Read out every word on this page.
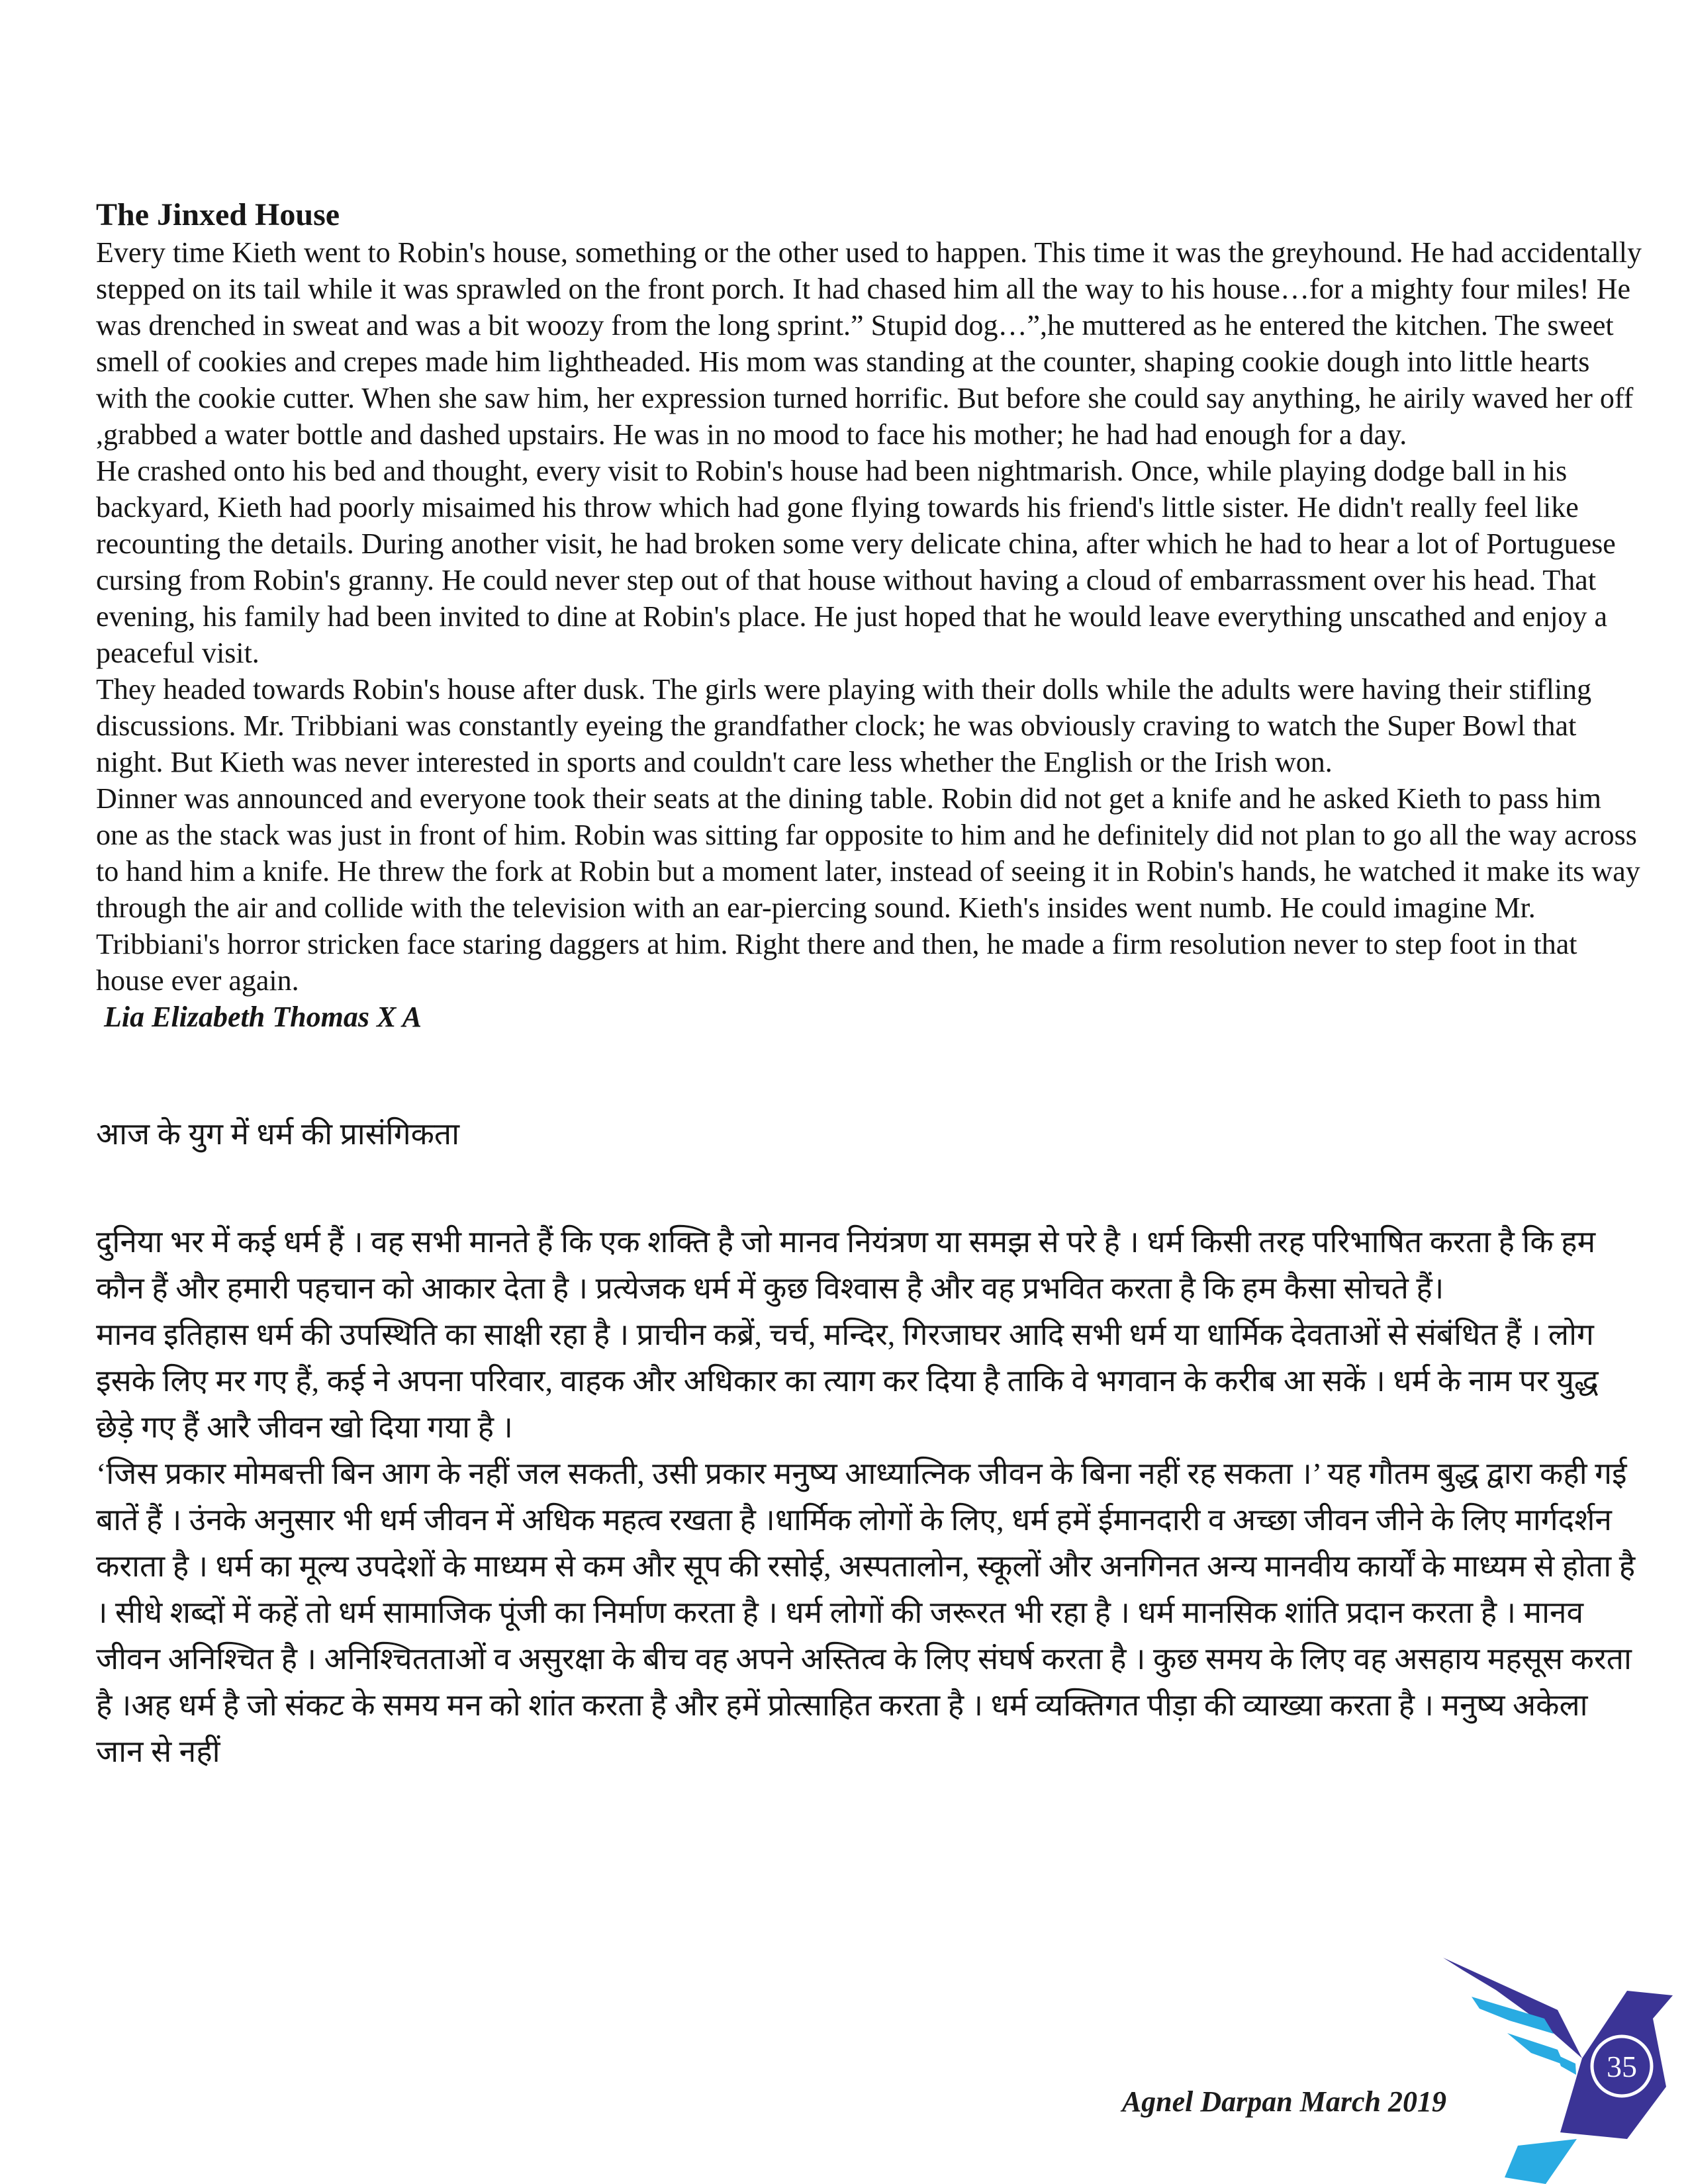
The Jinxed House

Every time Kieth went to Robin's house, something or the other used to happen. This time it was the greyhound. He had accidentally stepped on its tail while it was sprawled on the front porch. It had chased him all the way to his house…for a mighty four miles! He was drenched in sweat and was a bit woozy from the long sprint.” Stupid dog…”,he muttered as he entered the kitchen. The sweet smell of cookies and crepes made him lightheaded. His mom was standing at the counter, shaping cookie dough into little hearts with the cookie cutter. When she saw him, her expression turned horrific. But before she could say anything, he airily waved her off ,grabbed a water bottle and dashed upstairs. He was in no mood to face his mother; he had had enough for a day.

He crashed onto his bed and thought, every visit to Robin's house had been nightmarish. Once, while playing dodge ball in his backyard, Kieth had poorly misaimed his throw which had gone flying towards his friend's little sister. He didn't really feel like recounting the details. During another visit, he had broken some very delicate china, after which he had to hear a lot of Portuguese cursing from Robin's granny. He could never step out of that house without having a cloud of embarrassment over his head. That evening, his family had been invited to dine at Robin's place. He just hoped that he would leave everything unscathed and enjoy a peaceful visit.

They headed towards Robin's house after dusk. The girls were playing with their dolls while the adults were having their stifling discussions. Mr. Tribbiani was constantly eyeing the grandfather clock; he was obviously craving to watch the Super Bowl that night. But Kieth was never interested in sports and couldn't care less whether the English or the Irish won.

Dinner was announced and everyone took their seats at the dining table. Robin did not get a knife and he asked Kieth to pass him one as the stack was just in front of him. Robin was sitting far opposite to him and he definitely did not plan to go all the way across to hand him a knife. He threw the fork at Robin but a moment later, instead of seeing it in Robin's hands, he watched it make its way through the air and collide with the television with an ear-piercing sound. Kieth's insides went numb. He could imagine Mr. Tribbiani's horror stricken face staring daggers at him. Right there and then, he made a firm resolution never to step foot in that house ever again.

Lia Elizabeth Thomas X A

आज के युग में धर्म की प्रासंगिकता

दुनिया भर में कई धर्म हैं । वह सभी मानते हैं कि एक शक्ति है जो मानव नियंत्रण या समझ से परे है । धर्म किसी तरह परिभाषित करता है कि हम कौन हैं और हमारी पहचान को आकार देता है । प्रत्येजक धर्म में कुछ विश्वास है और वह प्रभवित करता है कि हम कैसा सोचते हैं।

मानव इतिहास धर्म की उपस्थिति का साक्षी रहा है । प्राचीन कब्रें, चर्च, मन्दिर, गिरजाघर आदि सभी धर्म या धार्मिक देवताओं से संबंधित हैं । लोग इसके लिए मर गए हैं, कई ने अपना परिवार, वाहक और अधिकार का त्याग कर दिया है ताकि वे भगवान के करीब आ सकें । धर्म के नाम पर युद्ध छेड़े गए हैं आरै जीवन खो दिया गया है ।

‘जिस प्रकार मोमबत्ती बिन आग के नहीं जल सकती, उसी प्रकार मनुष्य आध्यात्निक जीवन के बिना नहीं रह सकता ।’ यह गौतम बुद्ध द्वारा कही गई बातें हैं । उंनके अनुसार भी धर्म जीवन में अधिक महत्व रखता है ।धार्मिक लोगों के लिए, धर्म हमें ईमानदारी व अच्छा जीवन जीने के लिए मार्गदर्शन कराता है । धर्म का मूल्य उपदेशों के माध्यम से कम और सूप की रसोई, अस्पतालोन, स्कूलों और अनगिनत अन्य मानवीय कार्यों के माध्यम से होता है । सीधे शब्दों में कहें तो धर्म सामाजिक पूंजी का निर्माण करता है । धर्म लोगों की जरूरत भी रहा है । धर्म मानसिक शांति प्रदान करता है । मानव जीवन अनिश्चित है । अनिश्चितताओं व असुरक्षा के बीच वह अपने अस्तित्व के लिए संघर्ष करता है । कुछ समय के लिए वह असहाय महसूस करता है ।अह धर्म है जो संकट के समय मन को शांत करता है और हमें प्रोत्साहित करता है । धर्म व्यक्तिगत पीड़ा की व्याख्या करता है । मनुष्य अकेला जान से नहीं

Agnel Darpan March 2019
35
